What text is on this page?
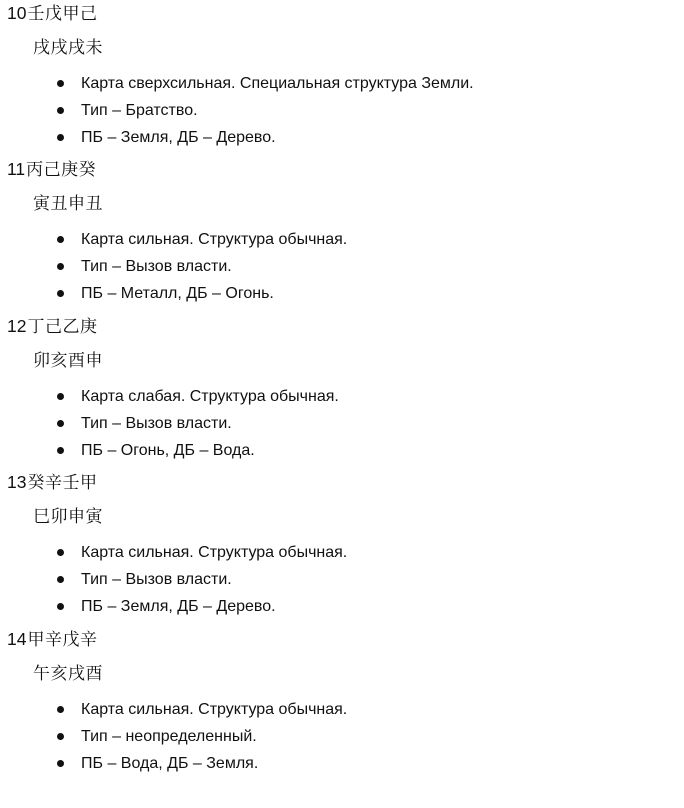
10壬戊甲己
戌戌戌未
Карта сверхсильная. Специальная структура Земли.
Тип – Братство.
ПБ – Земля, ДБ – Дерево.
11丙己庚癸
寅丑申丑
Карта сильная. Структура обычная.
Тип – Вызов власти.
ПБ – Металл, ДБ – Огонь.
12丁己乙庚
卯亥酉申
Карта слабая. Структура обычная.
Тип – Вызов власти.
ПБ – Огонь, ДБ – Вода.
13癸辛壬甲
巳卯申寅
Карта сильная. Структура обычная.
Тип – Вызов власти.
ПБ – Земля, ДБ – Дерево.
14甲辛戊辛
午亥戌酉
Карта сильная. Структура обычная.
Тип – неопределенный.
ПБ – Вода, ДБ – Земля.
